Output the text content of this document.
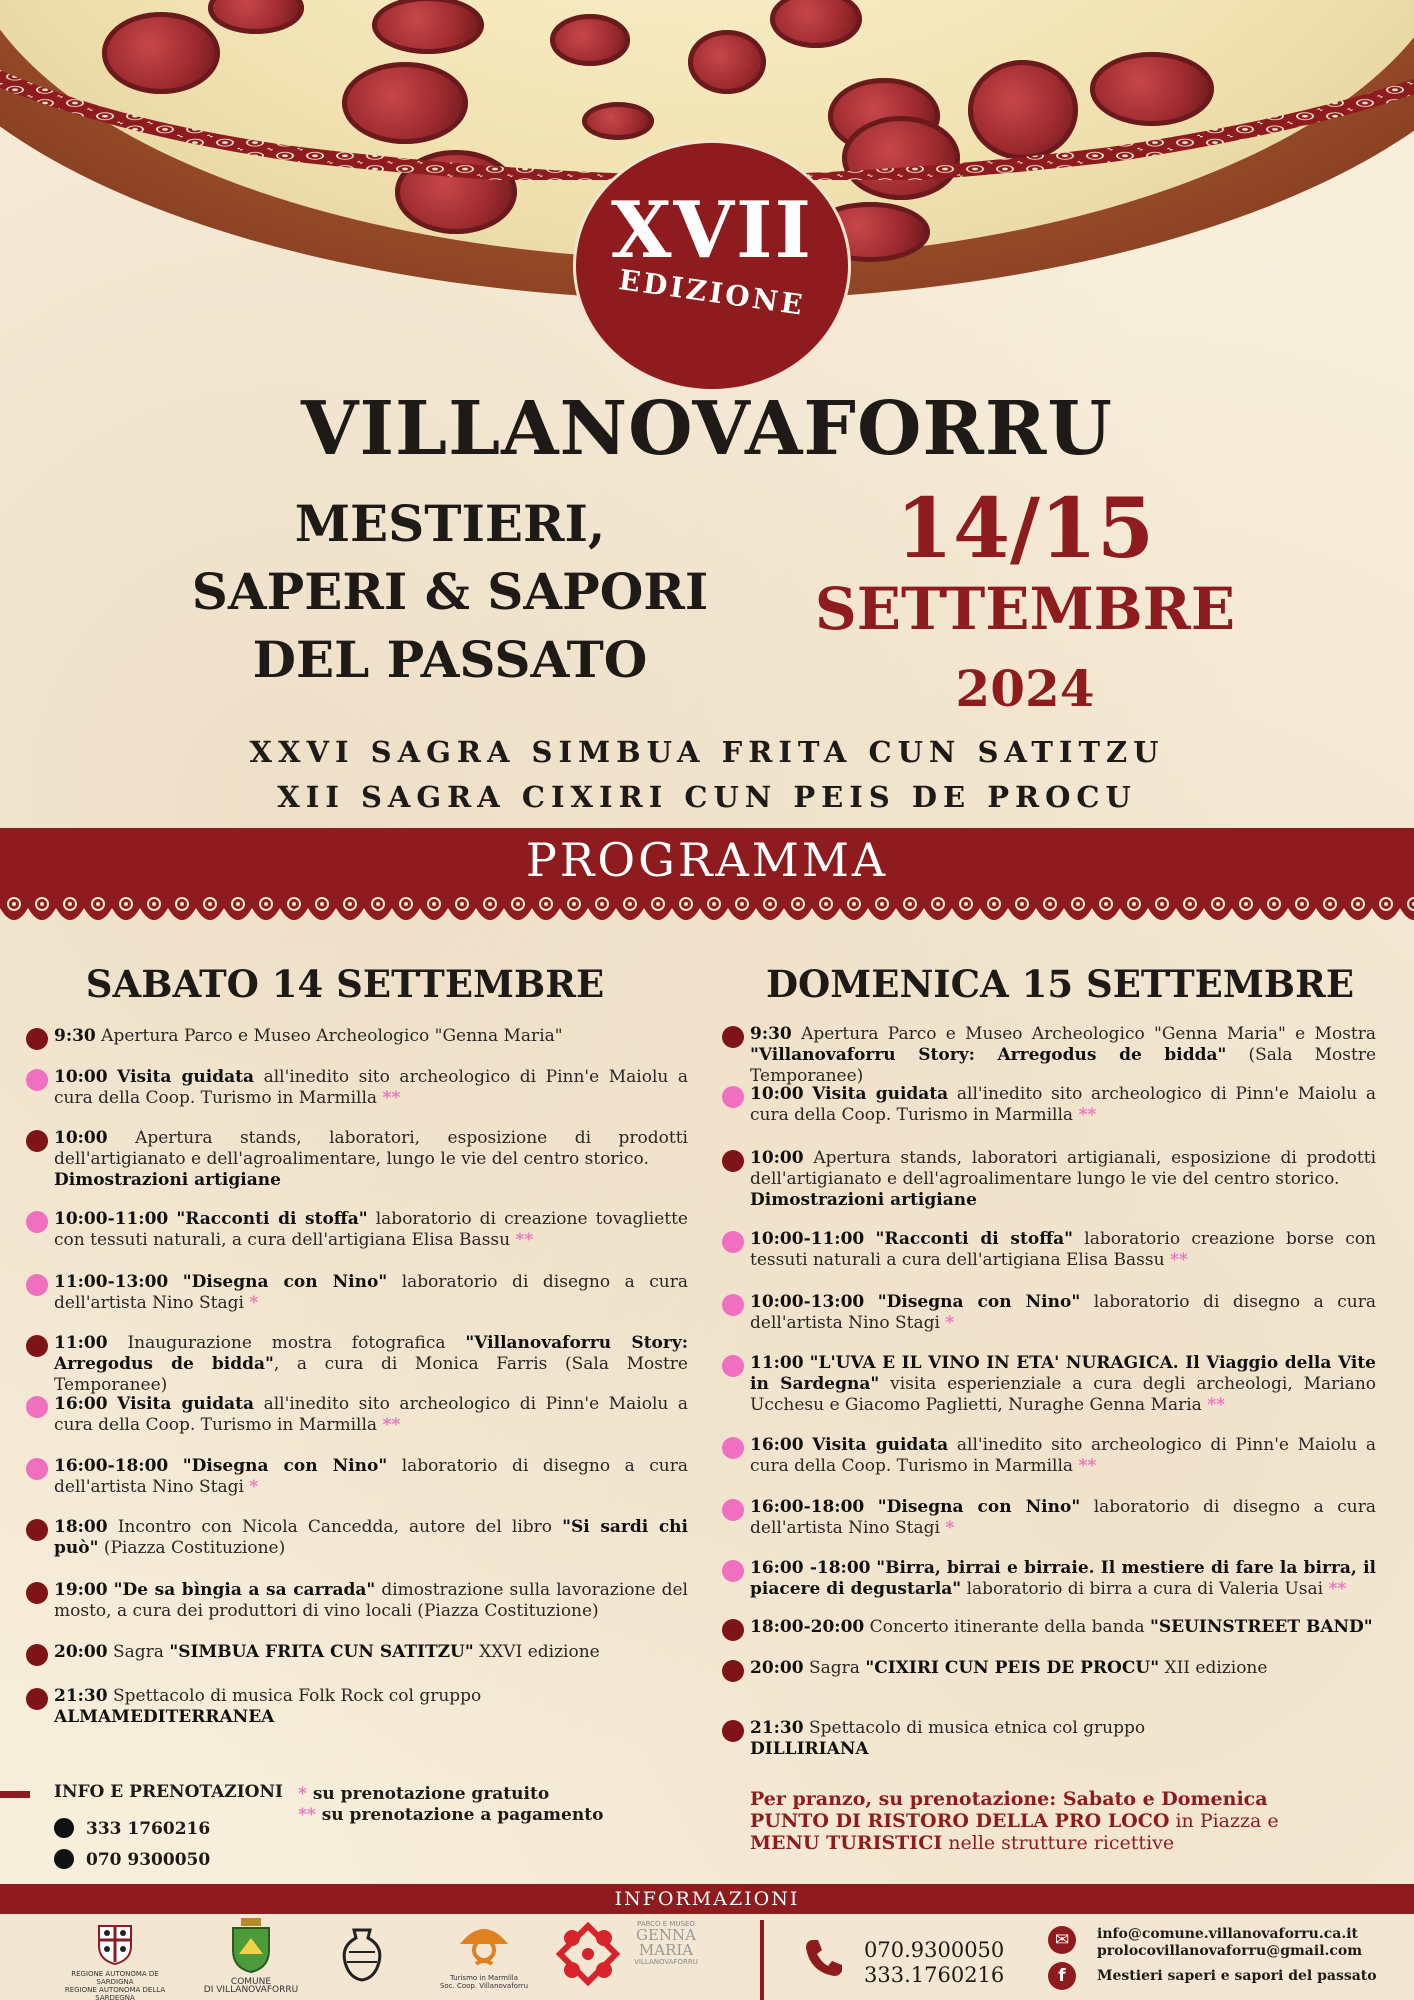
XVII
EDIZIONE
VILLANOVAFORRU
MESTIERI,
SAPERI & SAPORI
DEL PASSATO
14/15
SETTEMBRE
2024
XXVI SAGRA SIMBUA FRITA CUN SATITZU
XII SAGRA CIXIRI CUN PEIS DE PROCU
PROGRAMMA
SABATO 14 SETTEMBRE	DOMENICA 15 SETTEMBRE
9:30 Apertura Parco e Museo Archeologico "Genna Maria"
10:00 Visita guidata all'inedito sito archeologico di Pinn'e Maiolu a cura della Coop. Turismo in Marmilla **
10:00 Apertura stands, laboratori, esposizione di prodotti dell'artigianato e dell'agroalimentare, lungo le vie del centro storico.
Dimostrazioni artigiane
10:00-11:00 "Racconti di stoffa" laboratorio di creazione tovagliette con tessuti naturali, a cura dell'artigiana Elisa Bassu **
11:00-13:00 "Disegna con Nino" laboratorio di disegno a cura dell'artista Nino Stagi *
11:00 Inaugurazione mostra fotografica "Villanovaforru Story: Arregodus de bidda", a cura di Monica Farris (Sala Mostre Temporanee)
16:00 Visita guidata all'inedito sito archeologico di Pinn'e Maiolu a cura della Coop. Turismo in Marmilla **
16:00-18:00 "Disegna con Nino" laboratorio di disegno a cura dell'artista Nino Stagi *
18:00 Incontro con Nicola Cancedda, autore del libro "Si sardi chi può" (Piazza Costituzione)
19:00 "De sa bìngia a sa carrada" dimostrazione sulla lavorazione del mosto, a cura dei produttori di vino locali (Piazza Costituzione)
20:00 Sagra "SIMBUA FRITA CUN SATITZU" XXVI edizione
21:30 Spettacolo di musica Folk Rock col gruppo
ALMAMEDITERRANEA
9:30 Apertura Parco e Museo Archeologico "Genna Maria" e Mostra "Villanovaforru Story: Arregodus de bidda" (Sala Mostre Temporanee)
10:00 Visita guidata all'inedito sito archeologico di Pinn'e Maiolu a cura della Coop. Turismo in Marmilla **
10:00 Apertura stands, laboratori artigianali, esposizione di prodotti dell'artigianato e dell'agroalimentare lungo le vie del centro storico.
Dimostrazioni artigiane
10:00-11:00 "Racconti di stoffa" laboratorio creazione borse con tessuti naturali a cura dell'artigiana Elisa Bassu **
10:00-13:00 "Disegna con Nino" laboratorio di disegno a cura dell'artista Nino Stagi *
11:00 "L'UVA E IL VINO IN ETA' NURAGICA. Il Viaggio della Vite in Sardegna" visita esperienziale a cura degli archeologi, Mariano Ucchesu e Giacomo Paglietti, Nuraghe Genna Maria **
16:00 Visita guidata all'inedito sito archeologico di Pinn'e Maiolu a cura della Coop. Turismo in Marmilla **
16:00-18:00 "Disegna con Nino" laboratorio di disegno a cura dell'artista Nino Stagi *
16:00 -18:00 "Birra, birrai e birraie. Il mestiere di fare la birra, il piacere di degustarla" laboratorio di birra a cura di Valeria Usai **
18:00-20:00 Concerto itinerante della banda "SEUINSTREET BAND"
20:00 Sagra "CIXIRI CUN PEIS DE PROCU" XII edizione
21:30 Spettacolo di musica etnica col gruppo
DILLIRIANA
INFO E PRENOTAZIONI * su prenotazione gratuito
** su prenotazione a pagamento
333 1760216
070 9300050
Per pranzo, su prenotazione: Sabato e Domenica
PUNTO DI RISTORO DELLA PRO LOCO in Piazza e
MENU TURISTICI nelle strutture ricettive
INFORMAZIONI
REGIONE AUTONOMA DE SARDIGNA
REGIONE AUTONOMA DELLA SARDEGNA
COMUNE
DI VILLANOVAFORRU
Turismo in Marmilla
Soc. Coop. Villanovaforru
PARCO E MUSEO
GENNA
MARIA
VILLANOVAFORRU	070.9300050
333.1760216
✉	info@comune.villanovaforru.ca.it
prolocovillanovaforru@gmail.com
f	Mestieri saperi e sapori del passato
